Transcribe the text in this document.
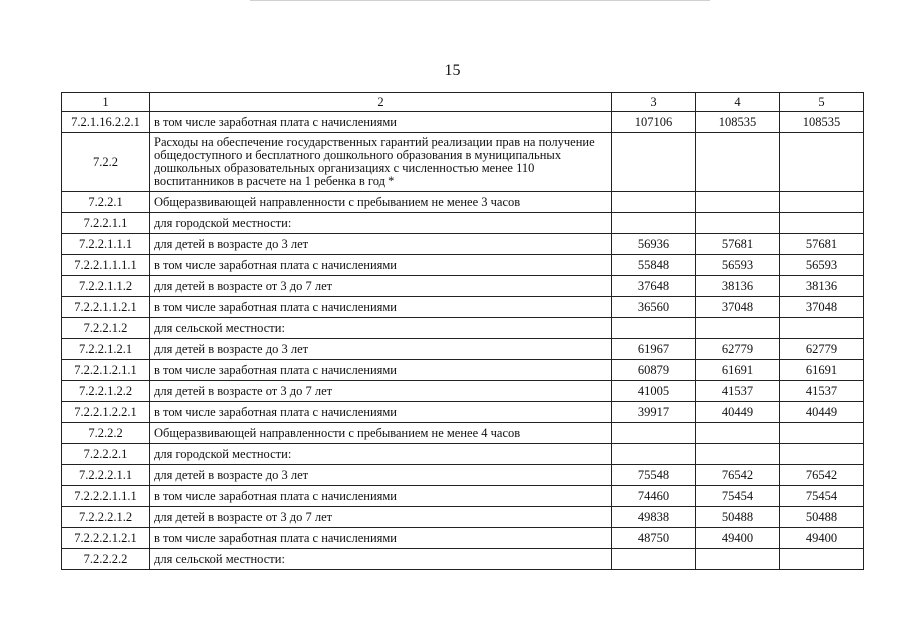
15
1	2	3	4	5
7.2.1.16.2.2.1	в том числе заработная плата с начислениями	107106	108535	108535
7.2.2	Расходы на обеспечение государственных гарантий реализации прав на получение общедоступного и бесплатного дошкольного образования в муниципальных дошкольных образовательных организациях с численностью менее 110 воспитанников в расчете на 1 ребенка в год *			
7.2.2.1	Общеразвивающей направленности с пребыванием не менее 3 часов			
7.2.2.1.1	для городской местности:			
7.2.2.1.1.1	для детей в возрасте до 3 лет	56936	57681	57681
7.2.2.1.1.1.1	в том числе заработная плата с начислениями	55848	56593	56593
7.2.2.1.1.2	для детей в возрасте от 3 до 7 лет	37648	38136	38136
7.2.2.1.1.2.1	в том числе заработная плата с начислениями	36560	37048	37048
7.2.2.1.2	для сельской местности:			
7.2.2.1.2.1	для детей в возрасте до 3 лет	61967	62779	62779
7.2.2.1.2.1.1	в том числе заработная плата с начислениями	60879	61691	61691
7.2.2.1.2.2	для детей в возрасте от 3 до 7 лет	41005	41537	41537
7.2.2.1.2.2.1	в том числе заработная плата с начислениями	39917	40449	40449
7.2.2.2	Общеразвивающей направленности с пребыванием не менее 4 часов			
7.2.2.2.1	для городской местности:			
7.2.2.2.1.1	для детей в возрасте до 3 лет	75548	76542	76542
7.2.2.2.1.1.1	в том числе заработная плата с начислениями	74460	75454	75454
7.2.2.2.1.2	для детей в возрасте от 3 до 7 лет	49838	50488	50488
7.2.2.2.1.2.1	в том числе заработная плата с начислениями	48750	49400	49400
7.2.2.2.2	для сельской местности:			
